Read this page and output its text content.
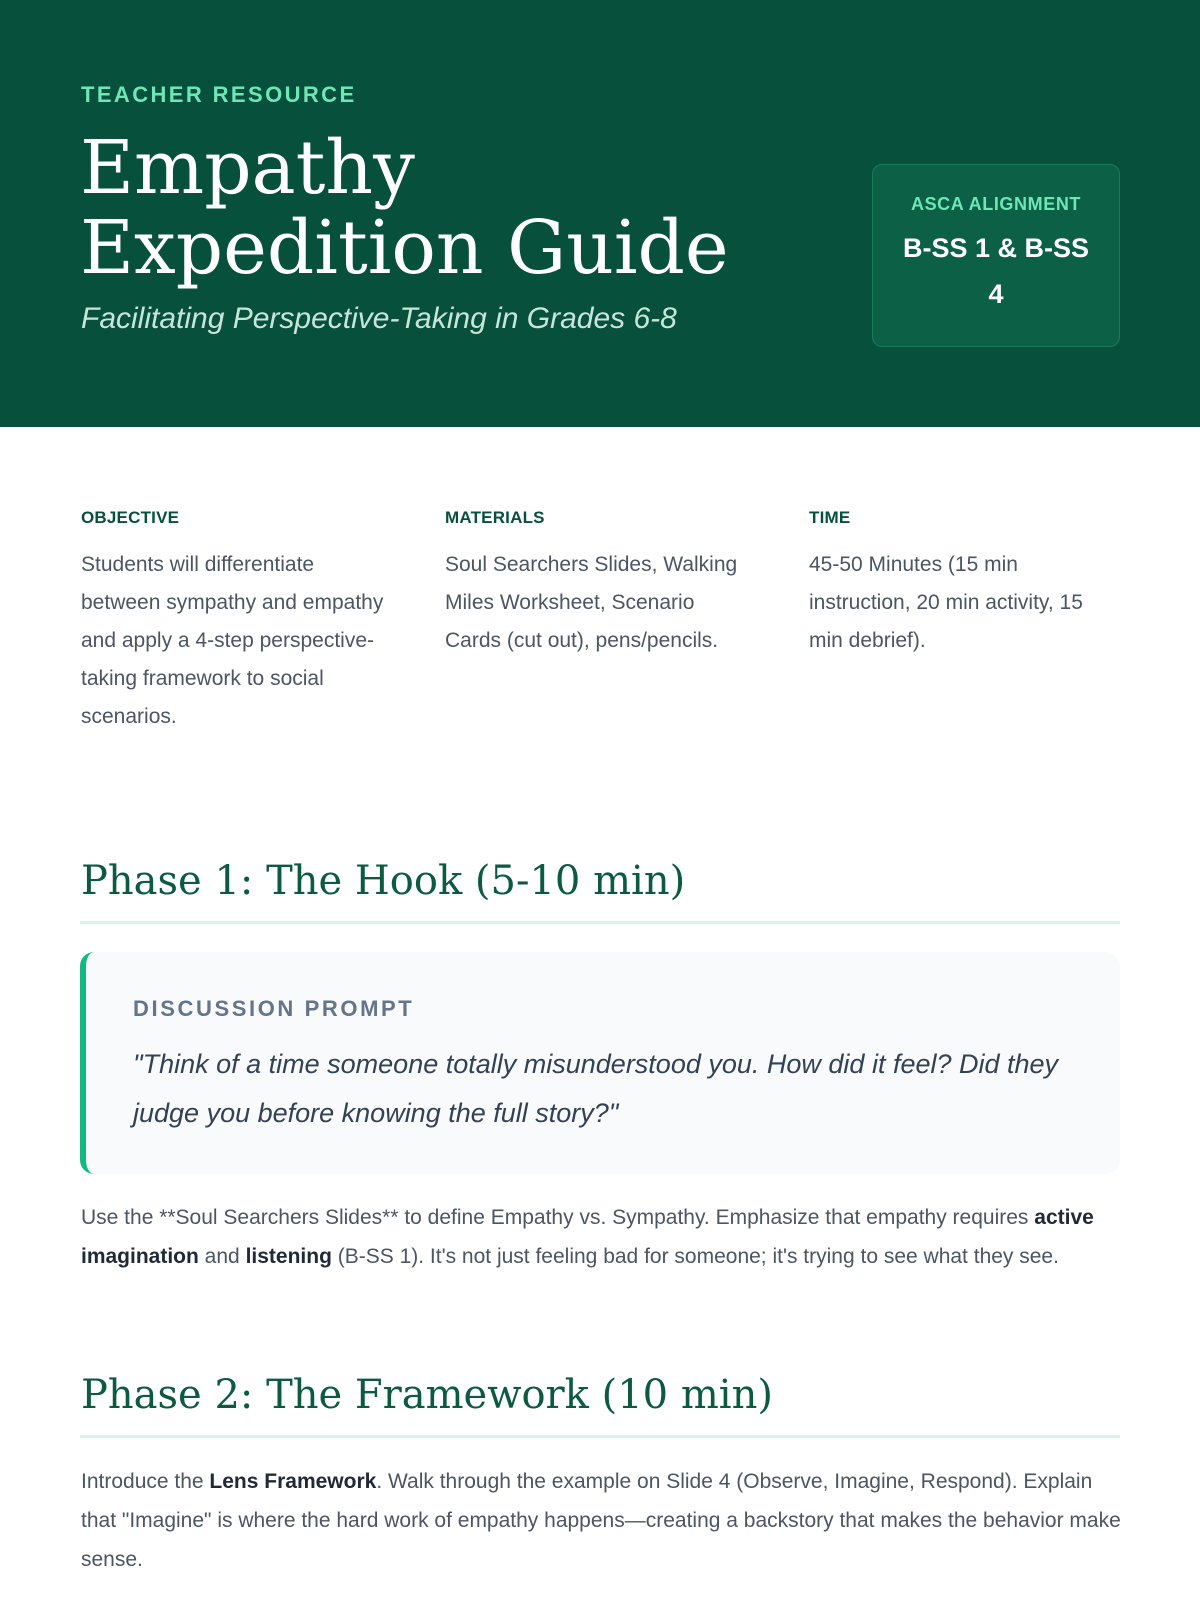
TEACHER RESOURCE
Empathy Expedition Guide
Facilitating Perspective-Taking in Grades 6-8
ASCA ALIGNMENT
B-SS 1 & B-SS 4
OBJECTIVE
Students will differentiate between sympathy and empathy and apply a 4-step perspective-taking framework to social scenarios.
MATERIALS
Soul Searchers Slides, Walking Miles Worksheet, Scenario Cards (cut out), pens/pencils.
TIME
45-50 Minutes (15 min instruction, 20 min activity, 15 min debrief).
Phase 1: The Hook (5-10 min)
DISCUSSION PROMPT
"Think of a time someone totally misunderstood you. How did it feel? Did they judge you before knowing the full story?"

Use the **Soul Searchers Slides** to define Empathy vs. Sympathy. Emphasize that empathy requires active imagination and listening (B-SS 1). It's not just feeling bad for someone; it's trying to see what they see.

Phase 2: The Framework (10 min)

Introduce the Lens Framework. Walk through the example on Slide 4 (Observe, Imagine, Respond). Explain that "Imagine" is where the hard work of empathy happens—creating a backstory that makes the behavior make sense.
